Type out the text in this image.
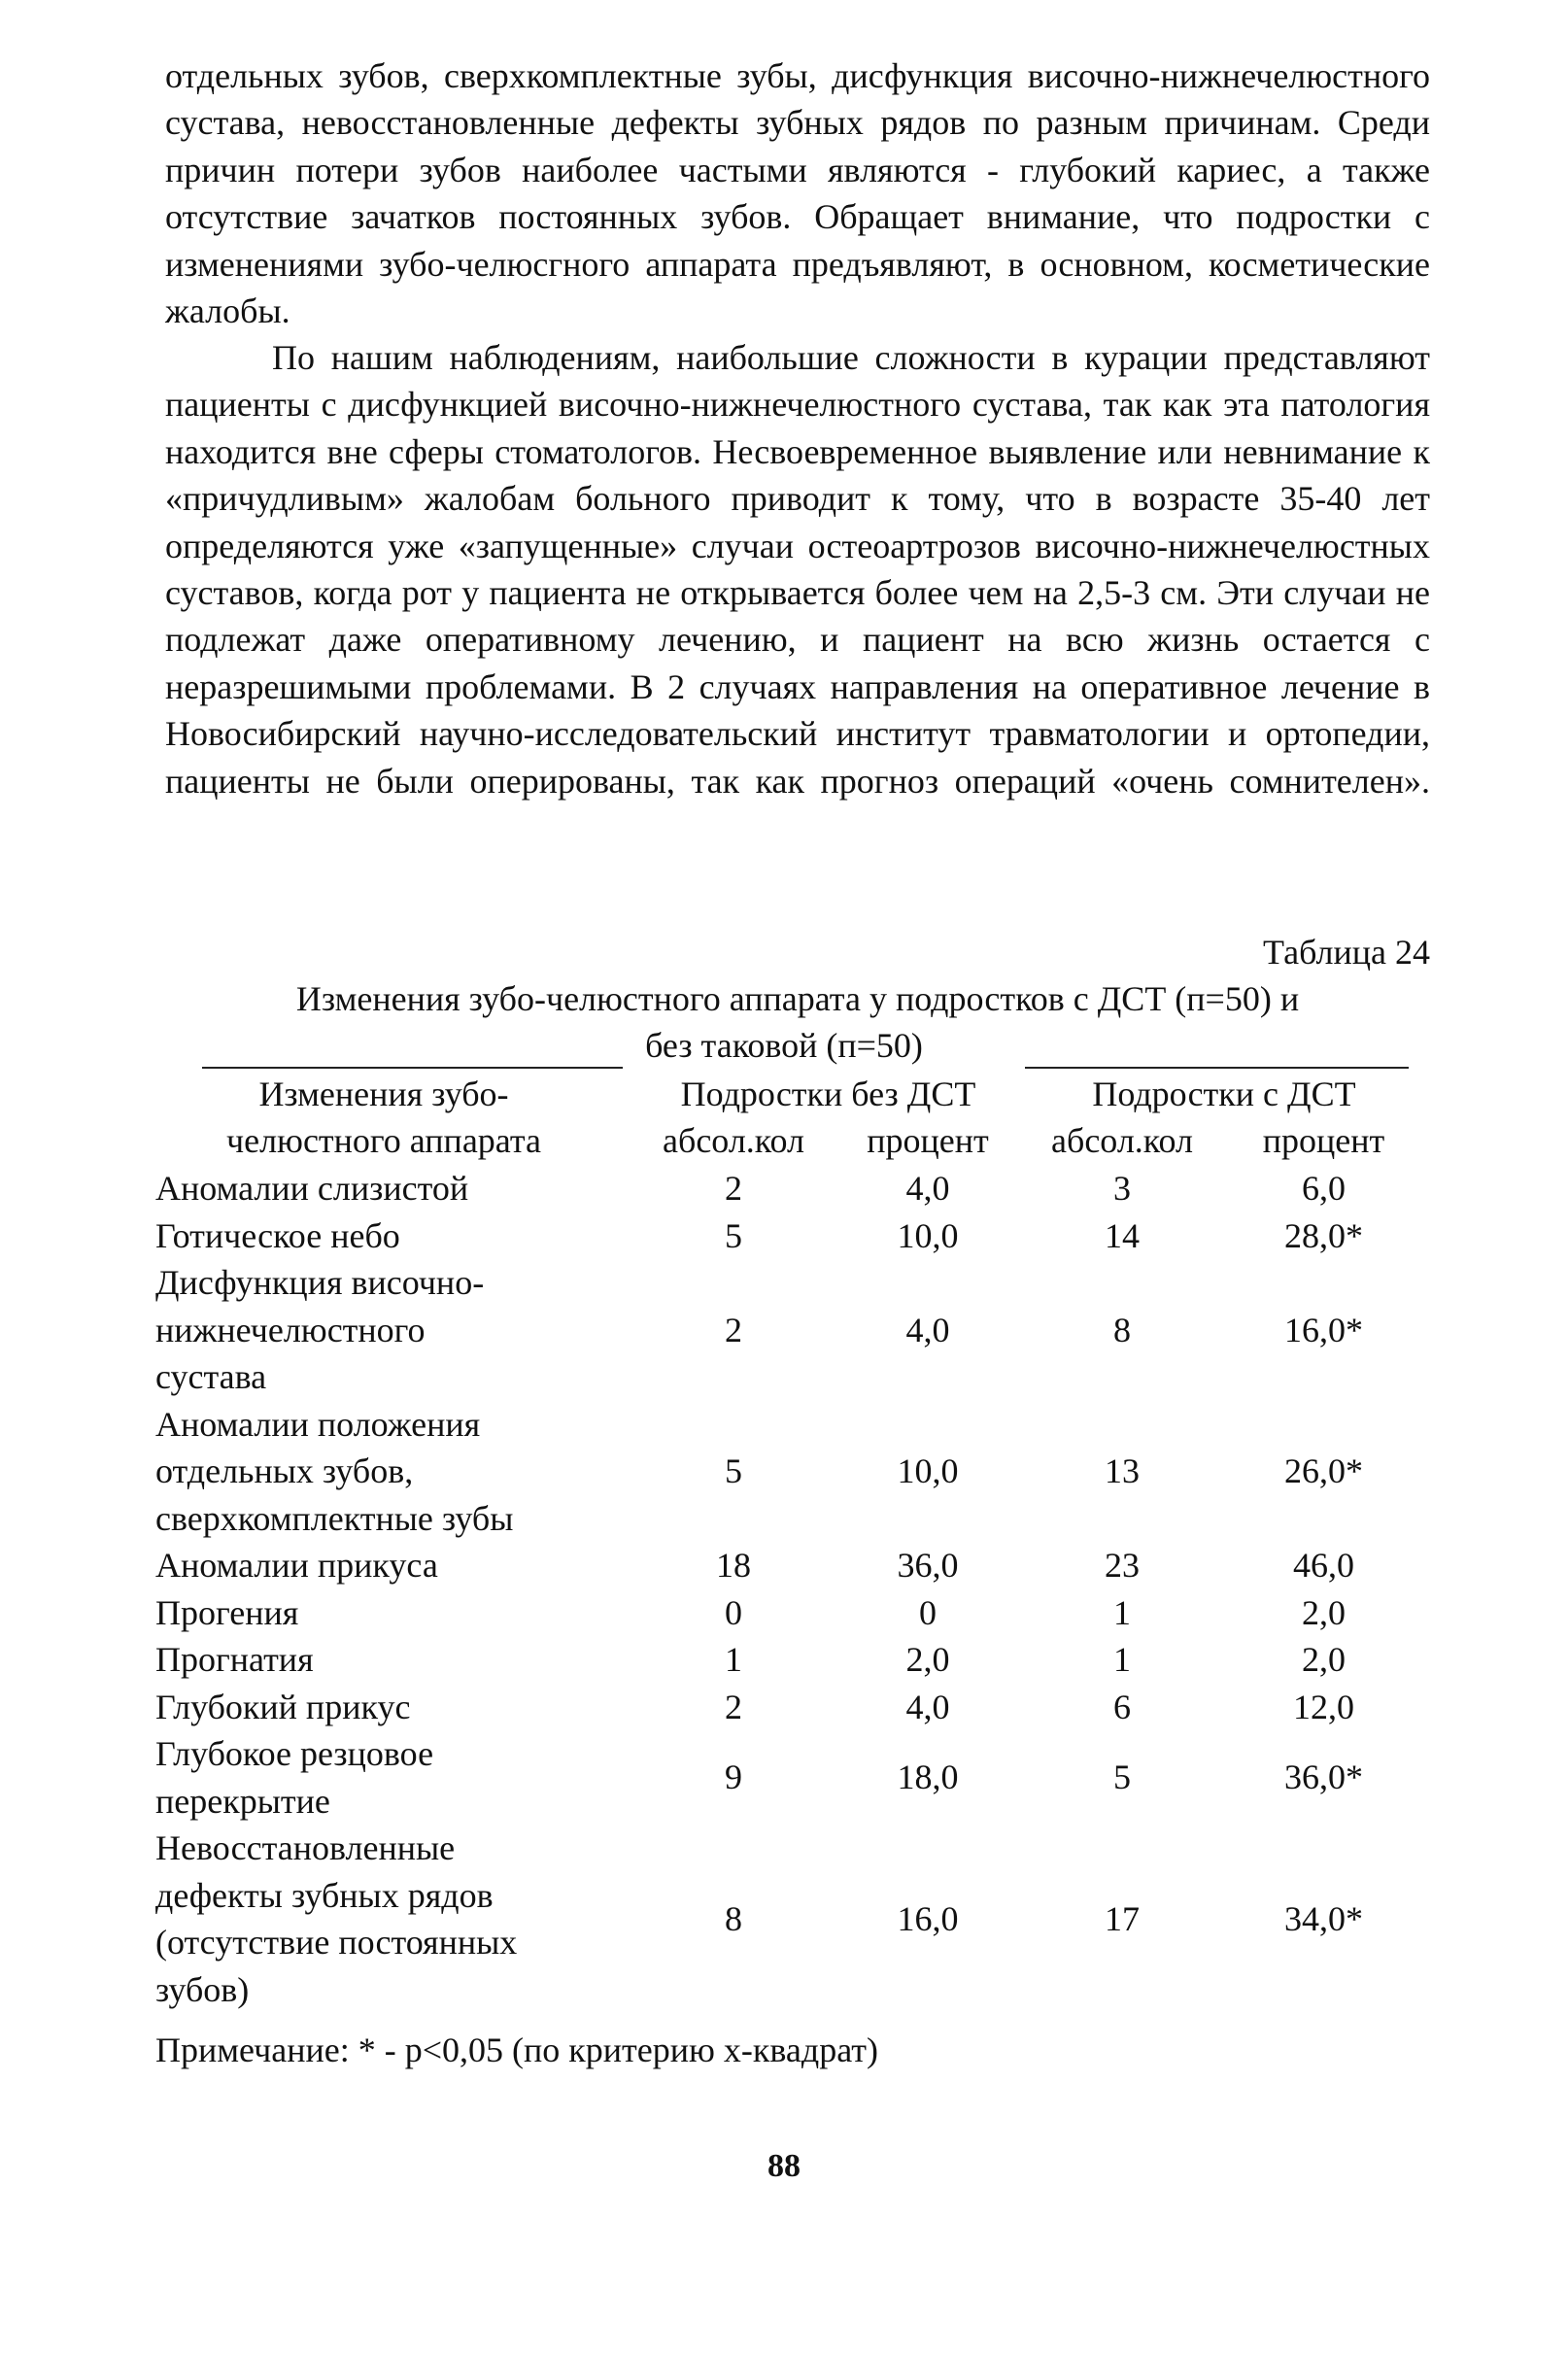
отдельных зубов, сверхкомплектные зубы, дисфункция височно-нижнечелюстного сустава, невосстановленные дефекты зубных рядов по разным причинам. Среди причин потери зубов наиболее частыми являются - глубокий кариес, а также отсутствие зачатков постоянных зубов. Обращает внимание, что подростки с изменениями зубо-челюсгного аппарата предъявляют, в основном, косметические жалобы.

По нашим наблюдениям, наибольшие сложности в курации представляют пациенты с дисфункцией височно-нижнечелюстного сустава, так как эта патология находится вне сферы стоматологов. Несвоевременное выявление или невнимание к «причудливым» жалобам больного приводит к тому, что в возрасте 35-40 лет определяются уже «запущенные» случаи остеоартрозов височно-нижнечелюстных суставов, когда рот у пациента не открывается более чем на 2,5-3 см. Эти случаи не подлежат даже оперативному лечению, и пациент на всю жизнь остается с неразрешимыми проблемами. В 2 случаях направления на оперативное лечение в Новосибирский научно-исследовательский институт травматологии и ортопедии, пациенты не были оперированы, так как прогноз операций «очень сомнителен».

Таблица 24
Изменения зубо-челюстного аппарата у подростков с ДСТ (п=50) и
без таковой (п=50)
Изменения зубо-
челюстного аппарата
Подростки без ДСТ	Подростки с ДСТ
абсол.кол	процент	абсол.кол	процент
Аномалии слизистой	2	4,0	3	6,0
Готическое небо	5	10,0	14	28,0*
Дисфункция височно-
нижнечелюстного
сустава
2	4,0	8	16,0*
Аномалии положения
отдельных зубов,
сверхкомплектные зубы
5	10,0	13	26,0*
Аномалии прикуса	18	36,0	23	46,0
Прогения	0	0	1	2,0
Прогнатия	1	2,0	1	2,0
Глубокий прикус	2	4,0	6	12,0
Глубокое резцовое
перекрытие
9	18,0	5	36,0*
Невосстановленные
дефекты зубных рядов
(отсутствие постоянных
зубов)
8	16,0	17	34,0*
Примечание: * - р<0,05 (по критерию х-квадрат)
88
